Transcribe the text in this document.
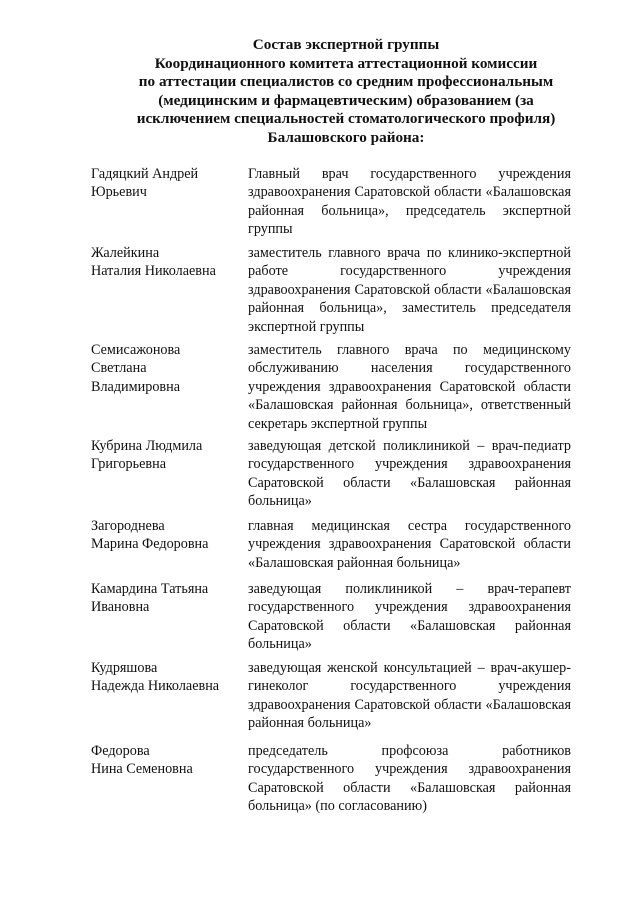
Состав экспертной группы
Координационного комитета аттестационной комиссии
по аттестации специалистов со средним профессиональным
(медицинским и фармацевтическим) образованием (за
исключением специальностей стоматологического профиля)
Балашовского района:
Гадяцкий Андрей
Юрьевич
Главный врач государственного учреждения здравоохранения Саратовской области «Балашовская районная больница», председатель экспертной группы
Жалейкина
Наталия Николаевна
заместитель главного врача по клинико-экспертной работе государственного учреждения здравоохранения Саратовской области «Балашовская районная больница», заместитель председателя экспертной группы
Семисажонова
Светлана
Владимировна
заместитель главного врача по медицинскому обслуживанию населения государственного учреждения здравоохранения Саратовской области «Балашовская районная больница», ответственный секретарь экспертной группы
Кубрина Людмила
Григорьевна
заведующая детской поликлиникой – врач-педиатр государственного учреждения здравоохранения Саратовской области «Балашовская районная больница»
Загороднева
Марина Федоровна
главная медицинская сестра государственного учреждения здравоохранения Саратовской области «Балашовская районная больница»
Камардина Татьяна
Ивановна
заведующая поликлиникой – врач-терапевт государственного учреждения здравоохранения Саратовской области «Балашовская районная больница»
Кудряшова
Надежда Николаевна
заведующая женской консультацией – врач-акушер-гинеколог государственного учреждения здравоохранения Саратовской области «Балашовская районная больница»
Федорова
Нина Семеновна
председатель профсоюза работников государственного учреждения здравоохранения Саратовской области «Балашовская районная больница» (по согласованию)
